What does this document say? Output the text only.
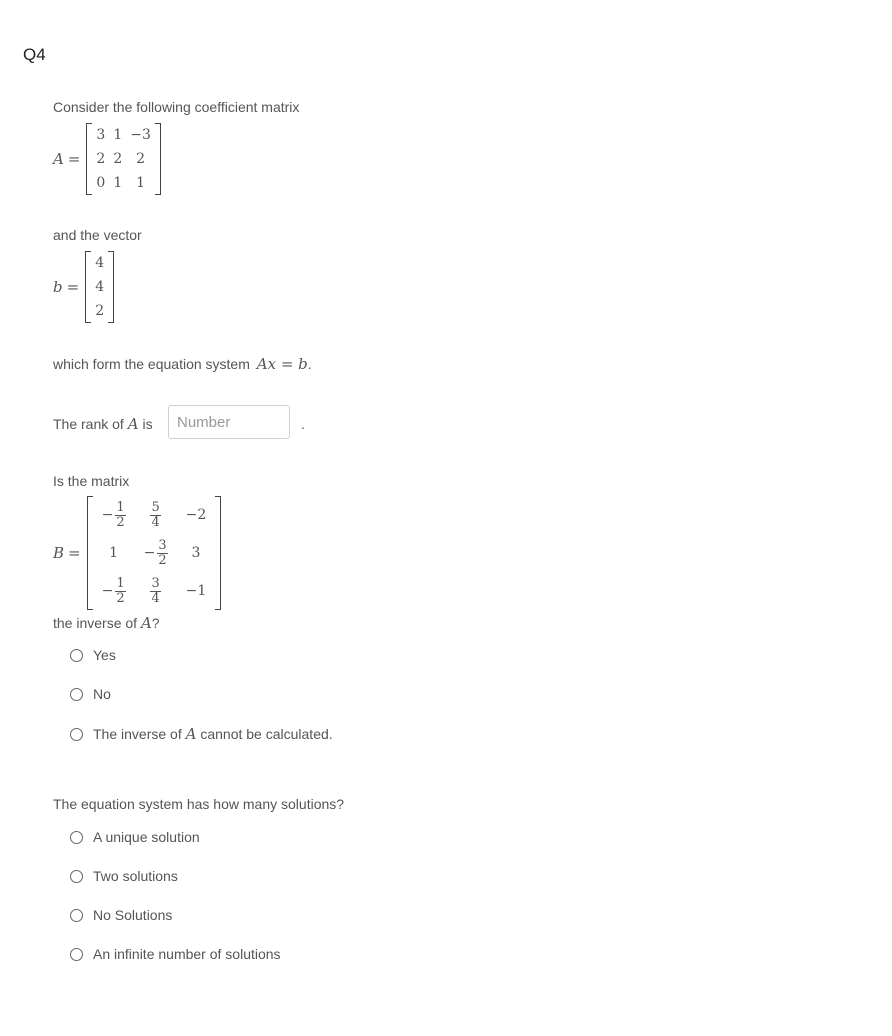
Q4
Consider the following coefficient matrix
A =
3	1	−3
2	2	2
0	1	1
and the vector
b =
4
4
2
which form the equation system Ax = b.
The rank of A is
Number	.
Is the matrix
B =
− $\frac{1}{2}$	$\frac{5}{4}$	−2
1	− $\frac{3}{2}$	3
− $\frac{1}{2}$	$\frac{3}{4}$	−1
the inverse of A?
Yes
No
The inverse of A cannot be calculated.
The equation system has how many solutions?
A unique solution
Two solutions
No Solutions
An infinite number of solutions
